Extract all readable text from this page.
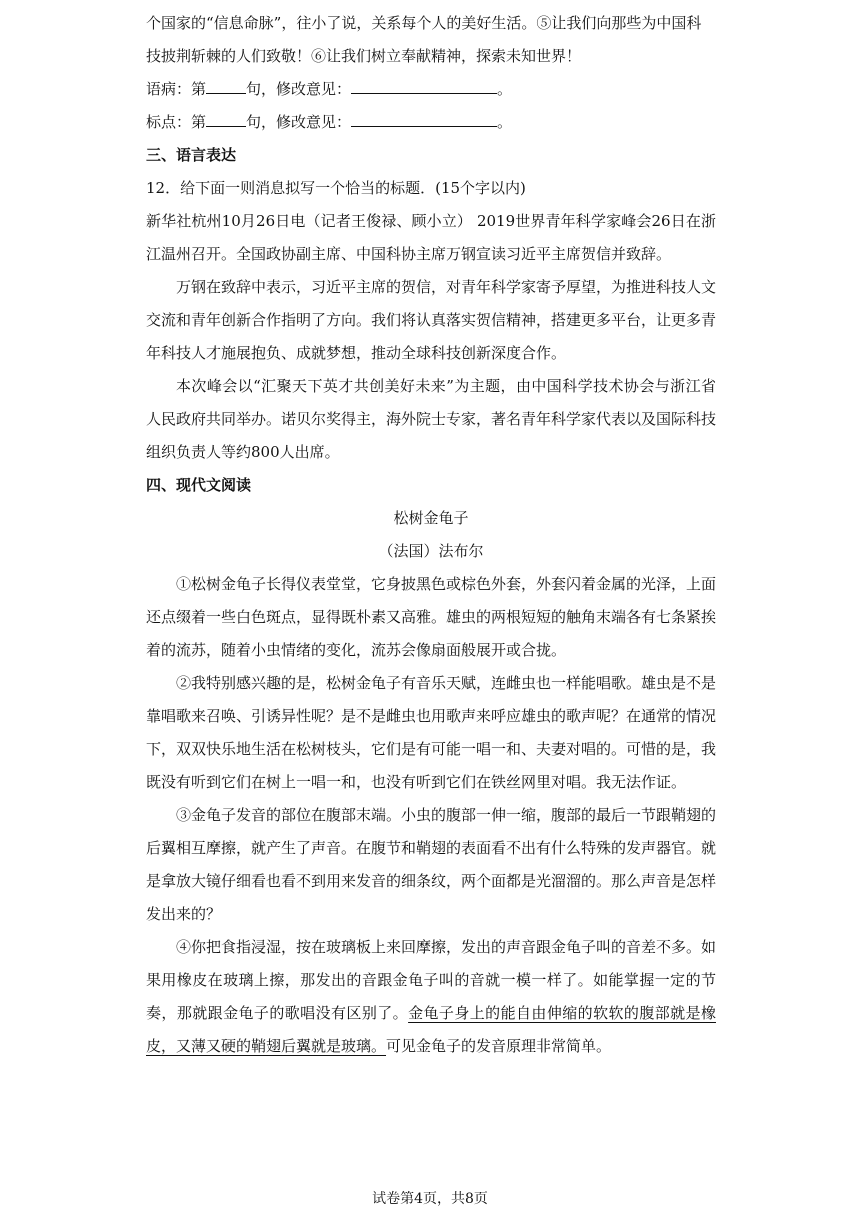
个国家的“信息命脉”，往小了说，关系每个人的美好生活。⑤让我们向那些为中国科

技披荆斩棘的人们致敬！⑥让我们树立奉献精神，探索未知世界！

语病：第	句，修改意见：	。

标点：第	句，修改意见：	。

三、语言表达

12．给下面一则消息拟写一个恰当的标题．(15个字以内)

新华社杭州10月26日电（记者王俊禄、顾小立） 2019世界青年科学家峰会26日在浙江温州召开。全国政协副主席、中国科协主席万钢宣读习近平主席贺信并致辞。

万钢在致辞中表示，习近平主席的贺信，对青年科学家寄予厚望，为推进科技人文交流和青年创新合作指明了方向。我们将认真落实贺信精神，搭建更多平台，让更多青年科技人才施展抱负、成就梦想，推动全球科技创新深度合作。

本次峰会以“汇聚天下英才共创美好未来”为主题，由中国科学技术协会与浙江省人民政府共同举办。诺贝尔奖得主，海外院士专家，著名青年科学家代表以及国际科技组织负责人等约800人出席。

四、现代文阅读

松树金龟子

（法国）法布尔

①松树金龟子长得仪表堂堂，它身披黑色或棕色外套，外套闪着金属的光泽，上面还点缀着一些白色斑点，显得既朴素又高雅。雄虫的两根短短的触角末端各有七条紧挨着的流苏，随着小虫情绪的变化，流苏会像扇面般展开或合拢。

②我特别感兴趣的是，松树金龟子有音乐天赋，连雌虫也一样能唱歌。雄虫是不是靠唱歌来召唤、引诱异性呢？是不是雌虫也用歌声来呼应雄虫的歌声呢？在通常的情况下，双双快乐地生活在松树枝头，它们是有可能一唱一和、夫妻对唱的。可惜的是，我既没有听到它们在树上一唱一和，也没有听到它们在铁丝网里对唱。我无法作证。

③金龟子发音的部位在腹部末端。小虫的腹部一伸一缩，腹部的最后一节跟鞘翅的后翼相互摩擦，就产生了声音。在腹节和鞘翅的表面看不出有什么特殊的发声器官。就是拿放大镜仔细看也看不到用来发音的细条纹，两个面都是光溜溜的。那么声音是怎样发出来的？

④你把食指浸湿，按在玻璃板上来回摩擦，发出的声音跟金龟子叫的音差不多。如果用橡皮在玻璃上擦，那发出的音跟金龟子叫的音就一模一样了。如能掌握一定的节奏，那就跟金龟子的歌唱没有区别了。金龟子身上的能自由伸缩的软软的腹部就是橡皮，又薄又硬的鞘翅后翼就是玻璃。可见金龟子的发音原理非常简单。

试卷第4页，共8页
